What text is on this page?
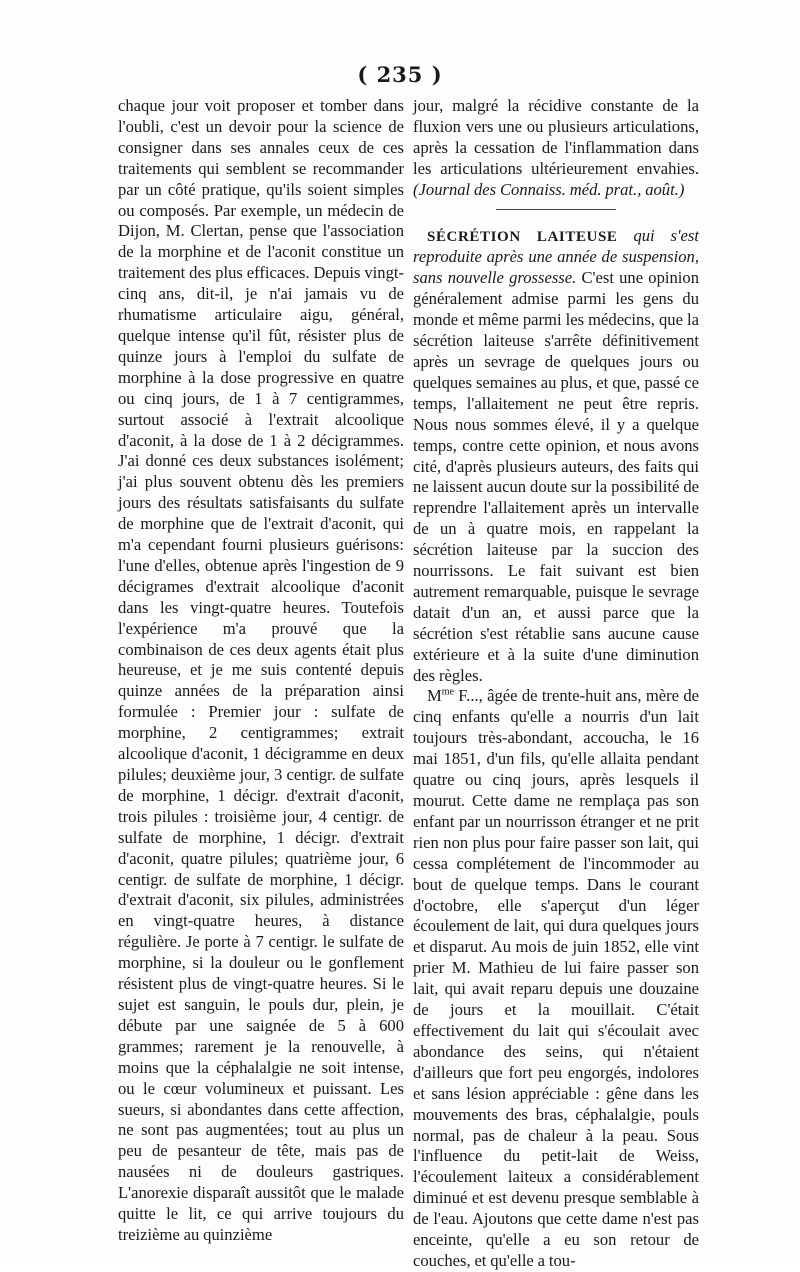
( 235 )

chaque jour voit proposer et tomber dans l'oubli, c'est un devoir pour la science de consigner dans ses annales ceux de ces traitements qui semblent se recommander par un côté pratique, qu'ils soient simples ou composés. Par exemple, un médecin de Dijon, M. Clertan, pense que l'association de la morphine et de l'aconit constitue un traitement des plus efficaces. Depuis vingt-cinq ans, dit-il, je n'ai jamais vu de rhumatisme articulaire aigu, général, quelque intense qu'il fût, résister plus de quinze jours à l'emploi du sulfate de morphine à la dose progressive en quatre ou cinq jours, de 1 à 7 centigrammes, surtout associé à l'extrait alcoolique d'aconit, à la dose de 1 à 2 décigrammes. J'ai donné ces deux substances isolément; j'ai plus souvent obtenu dès les premiers jours des résultats satisfaisants du sulfate de morphine que de l'extrait d'aconit, qui m'a cependant fourni plusieurs guérisons: l'une d'elles, obtenue après l'ingestion de 9 décigrames d'extrait alcoolique d'aconit dans les vingt-quatre heures. Toutefois l'expérience m'a prouvé que la combinaison de ces deux agents était plus heureuse, et je me suis contenté depuis quinze années de la préparation ainsi formulée : Premier jour : sulfate de morphine, 2 centigrammes; extrait alcoolique d'aconit, 1 décigramme en deux pilules; deuxième jour, 3 centigr. de sulfate de morphine, 1 décigr. d'extrait d'aconit, trois pilules : troisième jour, 4 centigr. de sulfate de morphine, 1 décigr. d'extrait d'aconit, quatre pilules; quatrième jour, 6 centigr. de sulfate de morphine, 1 décigr. d'extrait d'aconit, six pilules, administrées en vingt-quatre heures, à distance régulière. Je porte à 7 centigr. le sulfate de morphine, si la douleur ou le gonflement résistent plus de vingt-quatre heures. Si le sujet est sanguin, le pouls dur, plein, je débute par une saignée de 5 à 600 grammes; rarement je la renouvelle, à moins que la céphalalgie ne soit intense, ou le cœur volumineux et puissant. Les sueurs, si abondantes dans cette affection, ne sont pas augmentées; tout au plus un peu de pesanteur de tête, mais pas de nausées ni de douleurs gastriques. L'anorexie disparaît aussitôt que le malade quitte le lit, ce qui arrive toujours du treizième au quinzième

jour, malgré la récidive constante de la fluxion vers une ou plusieurs articulations, après la cessation de l'inflammation dans les articulations ultérieurement envahies. (Journal des Connaiss. méd. prat., août.)

SÉCRÉTION LAITEUSE qui s'est reproduite après une année de suspension, sans nouvelle grossesse. C'est une opinion généralement admise parmi les gens du monde et même parmi les médecins, que la sécrétion laiteuse s'arrête définitivement après un sevrage de quelques jours ou quelques semaines au plus, et que, passé ce temps, l'allaitement ne peut être repris. Nous nous sommes élevé, il y a quelque temps, contre cette opinion, et nous avons cité, d'après plusieurs auteurs, des faits qui ne laissent aucun doute sur la possibilité de reprendre l'allaitement après un intervalle de un à quatre mois, en rappelant la sécrétion laiteuse par la succion des nourrissons. Le fait suivant est bien autrement remarquable, puisque le sevrage datait d'un an, et aussi parce que la sécrétion s'est rétablie sans aucune cause extérieure et à la suite d'une diminution des règles.

$M^{me}$ F..., âgée de trente-huit ans, mère de cinq enfants qu'elle a nourris d'un lait toujours très-abondant, accoucha, le 16 mai 1851, d'un fils, qu'elle allaita pendant quatre ou cinq jours, après lesquels il mourut. Cette dame ne remplaça pas son enfant par un nourrisson étranger et ne prit rien non plus pour faire passer son lait, qui cessa complétement de l'incommoder au bout de quelque temps. Dans le courant d'octobre, elle s'aperçut d'un léger écoulement de lait, qui dura quelques jours et disparut. Au mois de juin 1852, elle vint prier M. Mathieu de lui faire passer son lait, qui avait reparu depuis une douzaine de jours et la mouillait. C'était effectivement du lait qui s'écoulait avec abondance des seins, qui n'étaient d'ailleurs que fort peu engorgés, indolores et sans lésion appréciable : gêne dans les mouvements des bras, céphalalgie, pouls normal, pas de chaleur à la peau. Sous l'influence du petit-lait de Weiss, l'écoulement laiteux a considérablement diminué et est devenu presque semblable à de l'eau. Ajoutons que cette dame n'est pas enceinte, qu'elle a eu son retour de couches, et qu'elle a tou-
